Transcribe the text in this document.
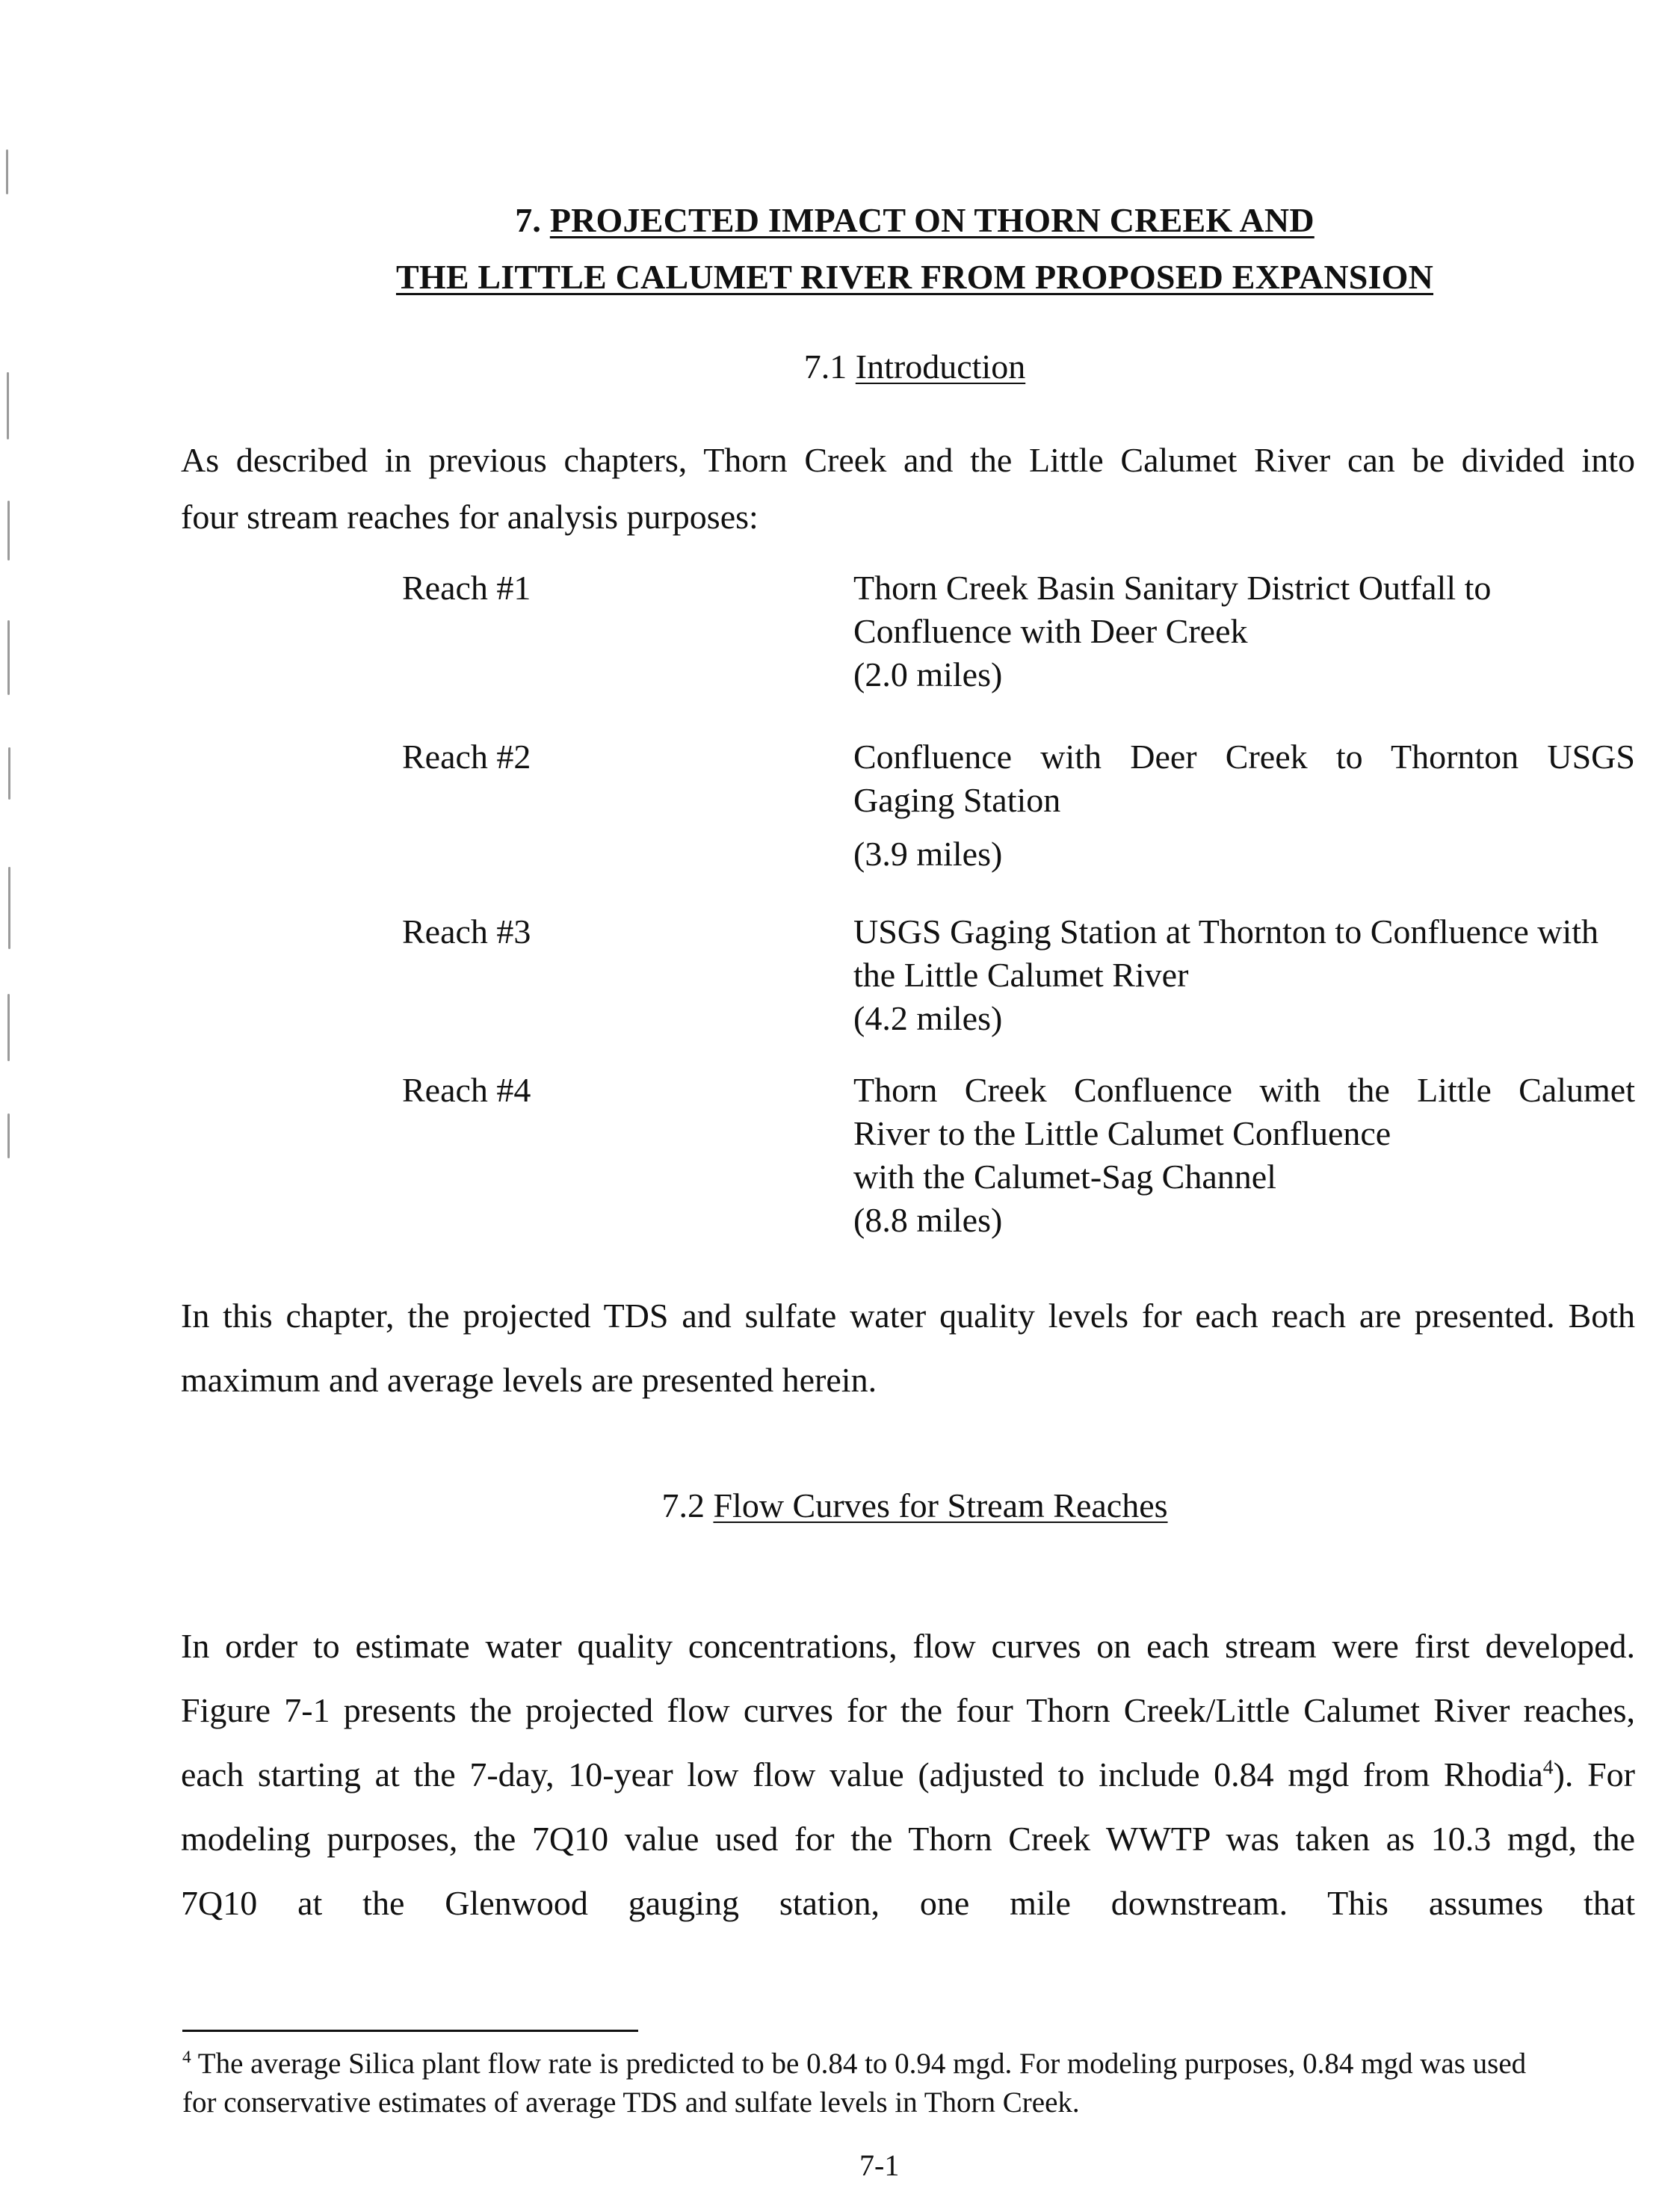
7. PROJECTED IMPACT ON THORN CREEK AND
THE LITTLE CALUMET RIVER FROM PROPOSED EXPANSION
7.1 Introduction
As described in previous chapters, Thorn Creek and the Little Calumet River can be divided into
four stream reaches for analysis purposes:
Reach #1	Thorn Creek Basin Sanitary District Outfall to
Confluence with Deer Creek
(2.0 miles)
Reach #2	Confluence with Deer Creek to Thornton USGS
Gaging Station
(3.9 miles)
Reach #3	USGS Gaging Station at Thornton to Confluence with
the Little Calumet River
(4.2 miles)
Reach #4	Thorn Creek Confluence with the Little Calumet
River to the Little Calumet Confluence
with the Calumet-Sag Channel
(8.8 miles)
In this chapter, the projected TDS and sulfate water quality levels for each reach are presented. Both
maximum and average levels are presented herein.
7.2 Flow Curves for Stream Reaches
In order to estimate water quality concentrations, flow curves on each stream were first developed.
Figure 7-1 presents the projected flow curves for the four Thorn Creek/Little Calumet River reaches,
each starting at the 7-day, 10-year low flow value (adjusted to include 0.84 mgd from Rhodia$^4$). For
modeling purposes, the 7Q10 value used for the Thorn Creek WWTP was taken as 10.3 mgd, the
7Q10 at the Glenwood gauging station, one mile downstream. This assumes that
$^4$ The average Silica plant flow rate is predicted to be 0.84 to 0.94 mgd. For modeling purposes, 0.84 mgd was used
for conservative estimates of average TDS and sulfate levels in Thorn Creek.
7-1
